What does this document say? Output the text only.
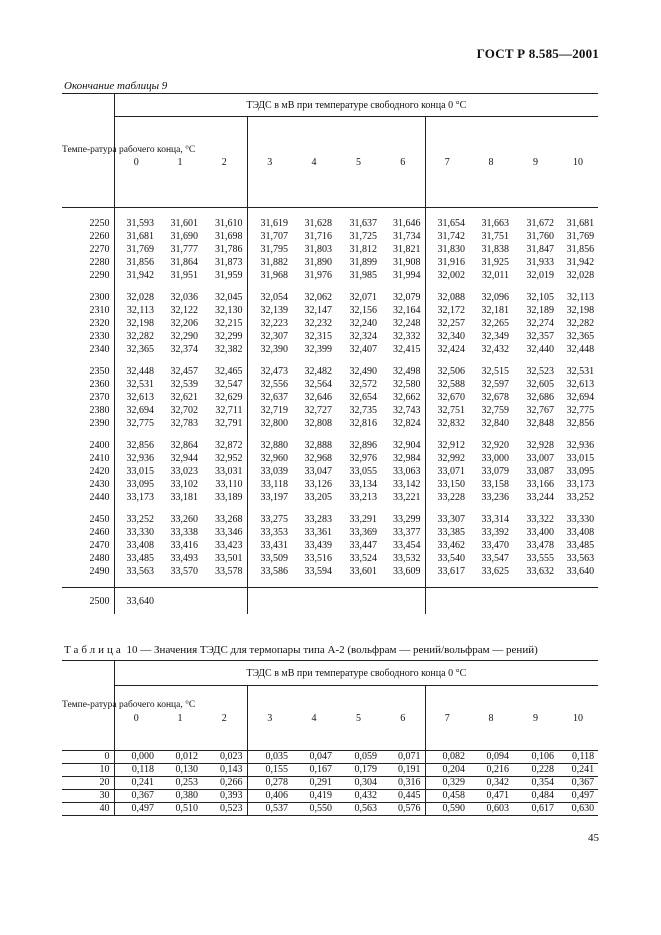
ГОСТ Р 8.585—2001
Окончание таблицы 9
Темпе-ратура рабочего конца, °С	ТЭДС в мВ при температуре свободного конца 0 °С										
	0	1	2	3	4	5	6	7	8	9	10

2250	31,593	31,601	31,610	31,619	31,628	31,637	31,646	31,654	31,663	31,672	31,681
2260	31,681	31,690	31,698	31,707	31,716	31,725	31,734	31,742	31,751	31,760	31,769
2270	31,769	31,777	31,786	31,795	31,803	31,812	31,821	31,830	31,838	31,847	31,856
2280	31,856	31,864	31,873	31,882	31,890	31,899	31,908	31,916	31,925	31,933	31,942
2290	31,942	31,951	31,959	31,968	31,976	31,985	31,994	32,002	32,011	32,019	32,028

2300	32,028	32,036	32,045	32,054	32,062	32,071	32,079	32,088	32,096	32,105	32,113
2310	32,113	32,122	32,130	32,139	32,147	32,156	32,164	32,172	32,181	32,189	32,198
2320	32,198	32,206	32,215	32,223	32,232	32,240	32,248	32,257	32,265	32,274	32,282
2330	32,282	32,290	32,299	32,307	32,315	32,324	32,332	32,340	32,349	32,357	32,365
2340	32,365	32,374	32,382	32,390	32,399	32,407	32,415	32,424	32,432	32,440	32,448

2350	32,448	32,457	32,465	32,473	32,482	32,490	32,498	32,506	32,515	32,523	32,531
2360	32,531	32,539	32,547	32,556	32,564	32,572	32,580	32,588	32,597	32,605	32,613
2370	32,613	32,621	32,629	32,637	32,646	32,654	32,662	32,670	32,678	32,686	32,694
2380	32,694	32,702	32,711	32,719	32,727	32,735	32,743	32,751	32,759	32,767	32,775
2390	32,775	32,783	32,791	32,800	32,808	32,816	32,824	32,832	32,840	32,848	32,856

2400	32,856	32,864	32,872	32,880	32,888	32,896	32,904	32,912	32,920	32,928	32,936
2410	32,936	32,944	32,952	32,960	32,968	32,976	32,984	32,992	33,000	33,007	33,015
2420	33,015	33,023	33,031	33,039	33,047	33,055	33,063	33,071	33,079	33,087	33,095
2430	33,095	33,102	33,110	33,118	33,126	33,134	33,142	33,150	33,158	33,166	33,173
2440	33,173	33,181	33,189	33,197	33,205	33,213	33,221	33,228	33,236	33,244	33,252

2450	33,252	33,260	33,268	33,275	33,283	33,291	33,299	33,307	33,314	33,322	33,330
2460	33,330	33,338	33,346	33,353	33,361	33,369	33,377	33,385	33,392	33,400	33,408
2470	33,408	33,416	33,423	33,431	33,439	33,447	33,454	33,462	33,470	33,478	33,485
2480	33,485	33,493	33,501	33,509	33,516	33,524	33,532	33,540	33,547	33,555	33,563
2490	33,563	33,570	33,578	33,586	33,594	33,601	33,609	33,617	33,625	33,632	33,640

2500	33,640										
Таблица 10 — Значения ТЭДС для термопары типа А-2 (вольфрам — рений/вольфрам — рений)
Темпе-ратура рабочего конца, °С	ТЭДС в мВ при температуре свободного конца 0 °С										
	0	1	2	3	4	5	6	7	8	9	10
0	0,000	0,012	0,023	0,035	0,047	0,059	0,071	0,082	0,094	0,106	0,118
10	0,118	0,130	0,143	0,155	0,167	0,179	0,191	0,204	0,216	0,228	0,241
20	0,241	0,253	0,266	0,278	0,291	0,304	0,316	0,329	0,342	0,354	0,367
30	0,367	0,380	0,393	0,406	0,419	0,432	0,445	0,458	0,471	0,484	0,497
40	0,497	0,510	0,523	0,537	0,550	0,563	0,576	0,590	0,603	0,617	0,630
45
